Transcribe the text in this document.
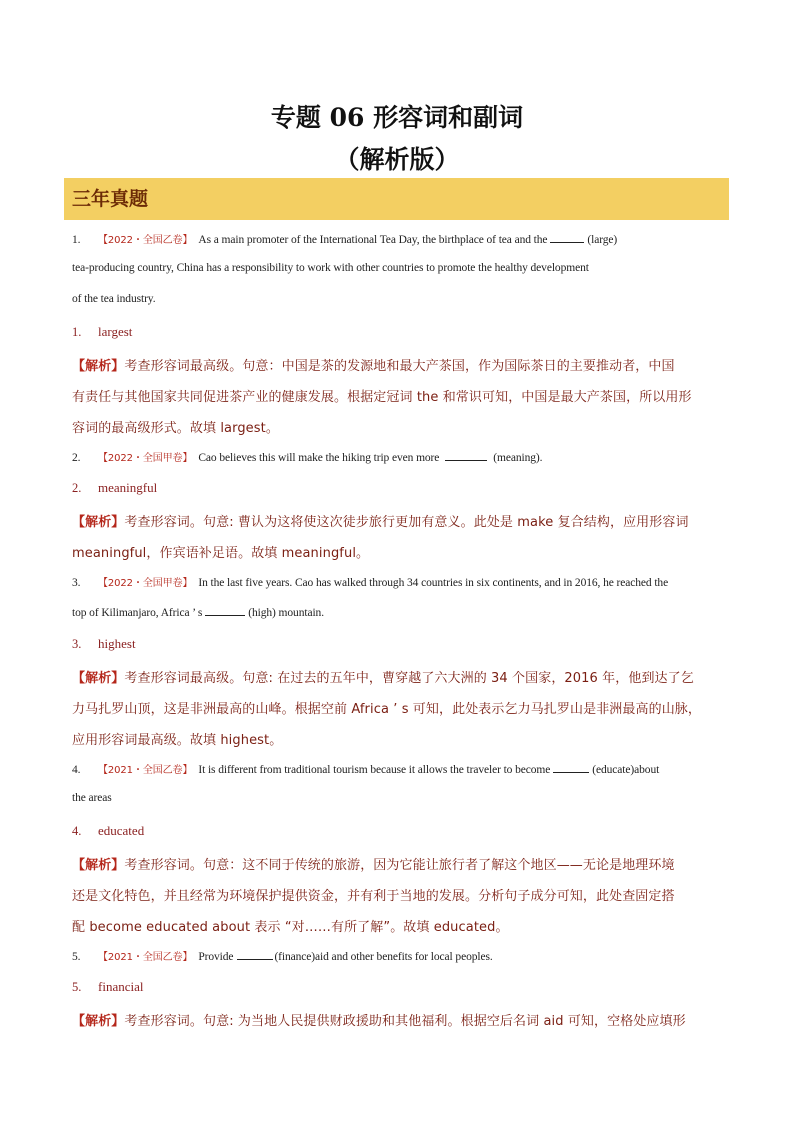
专题 06 形容词和副词
（解析版）
三年真题
1. 【2022・全国乙卷】 As a main promoter of the International Tea Day, the birthplace of tea and the	(large)
tea-producing country, China has a responsibility to work with other countries to promote the healthy development
of the tea industry.
1. largest
【解析】考查形容词最高级。句意：中国是茶的发源地和最大产茶国，作为国际茶日的主要推动者，中国
有责任与其他国家共同促进茶产业的健康发展。根据定冠词 the 和常识可知，中国是最大产茶国，所以用形
容词的最高级形式。故填 largest。
2. 【2022・全国甲卷】 Cao believes this will make the hiking trip even more	(meaning).
2. meaningful
【解析】考查形容词。句意: 曹认为这将使这次徒步旅行更加有意义。此处是 make 复合结构，应用形容词
meaningful，作宾语补足语。故填 meaningful。
3. 【2022・全国甲卷】 In the last five years. Cao has walked through 34 countries in six continents, and in 2016, he reached the
top of Kilimanjaro, Africa ’ s	(high) mountain.
3. highest
【解析】考查形容词最高级。句意: 在过去的五年中，曹穿越了六大洲的 34 个国家，2016 年，他到达了乞
力马扎罗山顶，这是非洲最高的山峰。根据空前 Africa ’ s 可知，此处表示乞力马扎罗山是非洲最高的山脉，
应用形容词最高级。故填 highest。
4. 【2021・全国乙卷】 It is different from traditional tourism because it allows the traveler to become	(educate)about
the areas
4. educated
【解析】考查形容词。句意：这不同于传统的旅游，因为它能让旅行者了解这个地区——无论是地理环境
还是文化特色，并且经常为环境保护提供资金，并有利于当地的发展。分析句子成分可知，此处查固定搭
配 become educated about 表示 “对……有所了解”。故填 educated。
5. 【2021・全国乙卷】 Provide	(finance)aid and other benefits for local peoples.
5. financial
【解析】考查形容词。句意: 为当地人民提供财政援助和其他福利。根据空后名词 aid 可知，空格处应填形
